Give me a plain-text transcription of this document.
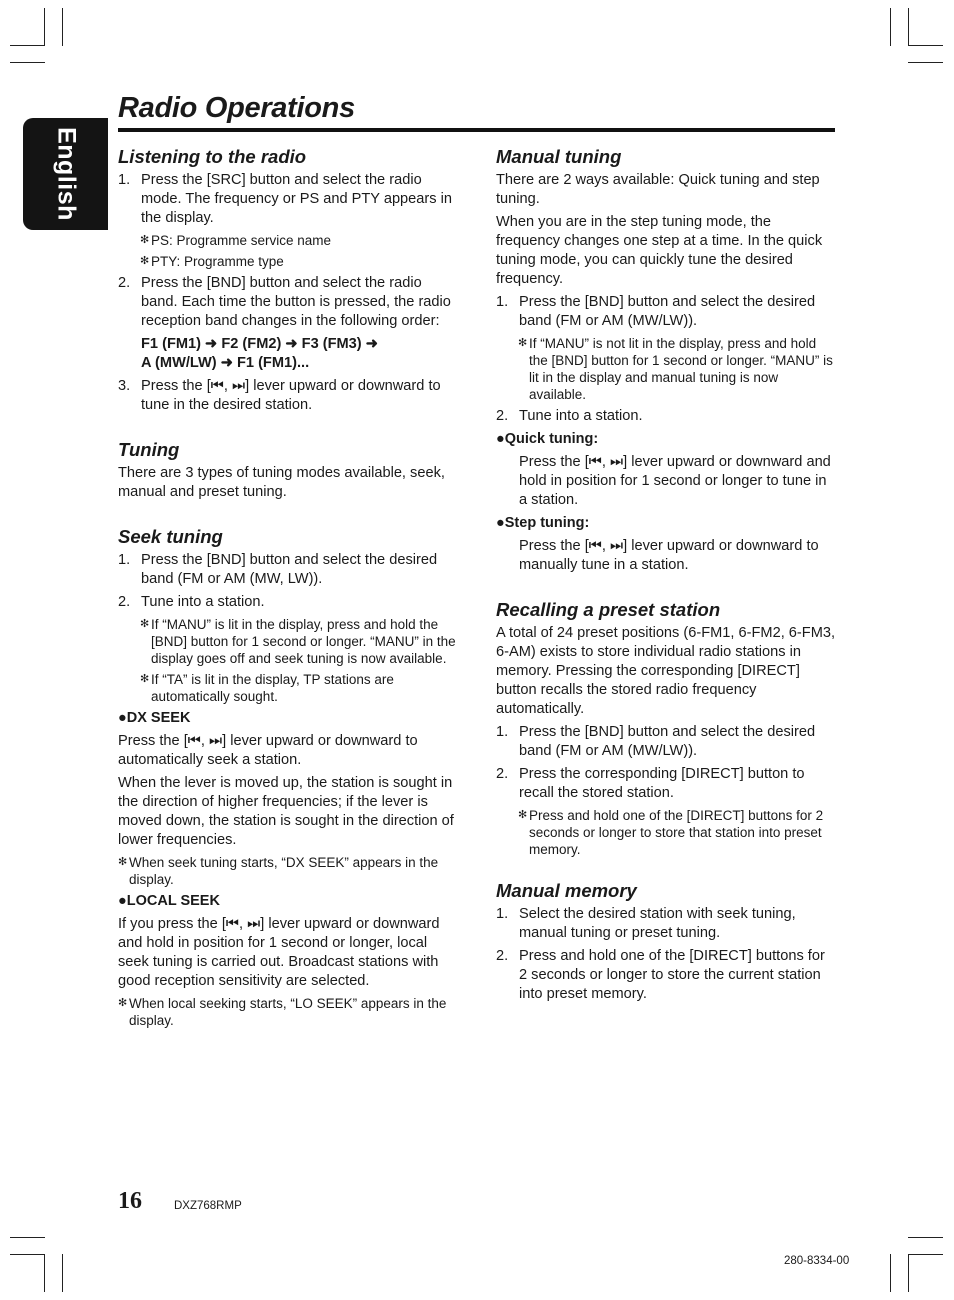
English
Radio Operations
Listening to the radio
1. Press the [SRC] button and select the radio mode. The frequency or PS and PTY appears in the display.
✻ PS: Programme service name
✻ PTY: Programme type
2. Press the [BND] button and select the radio band. Each time the button is pressed, the radio reception band changes in the following order:
F1 (FM1) ➜ F2 (FM2) ➜ F3 (FM3) ➜
A (MW/LW) ➜ F1 (FM1)...
3. Press the [⏮, ⏭] lever upward or downward to tune in the desired station.
Tuning

There are 3 types of tuning modes available, seek, manual and preset tuning.

Seek tuning
1. Press the [BND] button and select the desired band (FM or AM (MW, LW)).
2. Tune into a station.
✻ If “MANU” is lit in the display, press and hold the [BND] button for 1 second or longer. “MANU” in the display goes off and seek tuning is now available.
✻ If “TA” is lit in the display, TP stations are automatically sought.
●DX SEEK

Press the [⏮, ⏭] lever upward or downward to automatically seek a station.

When the lever is moved up, the station is sought in the direction of higher frequencies; if the lever is moved down, the station is sought in the direction of lower frequencies.

✻ When seek tuning starts, “DX SEEK” appears in the display.
●LOCAL SEEK

If you press the [⏮, ⏭] lever upward or downward and hold in position for 1 second or longer, local seek tuning is carried out. Broadcast stations with good reception sensitivity are selected.

✻ When local seeking starts, “LO SEEK” appears in the display.
Manual tuning

There are 2 ways available: Quick tuning and step tuning.

When you are in the step tuning mode, the frequency changes one step at a time. In the quick tuning mode, you can quickly tune the desired frequency.

1. Press the [BND] button and select the desired band (FM or AM (MW/LW)).
✻ If “MANU” is not lit in the display, press and hold the [BND] button for 1 second or longer. “MANU” is lit in the display and manual tuning is now available.
2. Tune into a station.
●Quick tuning:

Press the [⏮, ⏭] lever upward or downward and hold in position for 1 second or longer to tune in a station.

●Step tuning:

Press the [⏮, ⏭] lever upward or downward to manually tune in a station.

Recalling a preset station

A total of 24 preset positions (6-FM1, 6-FM2, 6-FM3, 6-AM) exists to store individual radio stations in memory. Pressing the corresponding [DIRECT] button recalls the stored radio frequency automatically.

1. Press the [BND] button and select the desired band (FM or AM (MW/LW)).
2. Press the corresponding [DIRECT] button to recall the stored station.
✻ Press and hold one of the [DIRECT] buttons for 2 seconds or longer to store that station into preset memory.
Manual memory
1. Select the desired station with seek tuning, manual tuning or preset tuning.
2. Press and hold one of the [DIRECT] buttons for 2 seconds or longer to store the current station into preset memory.
16	DXZ768RMP
280-8334-00
